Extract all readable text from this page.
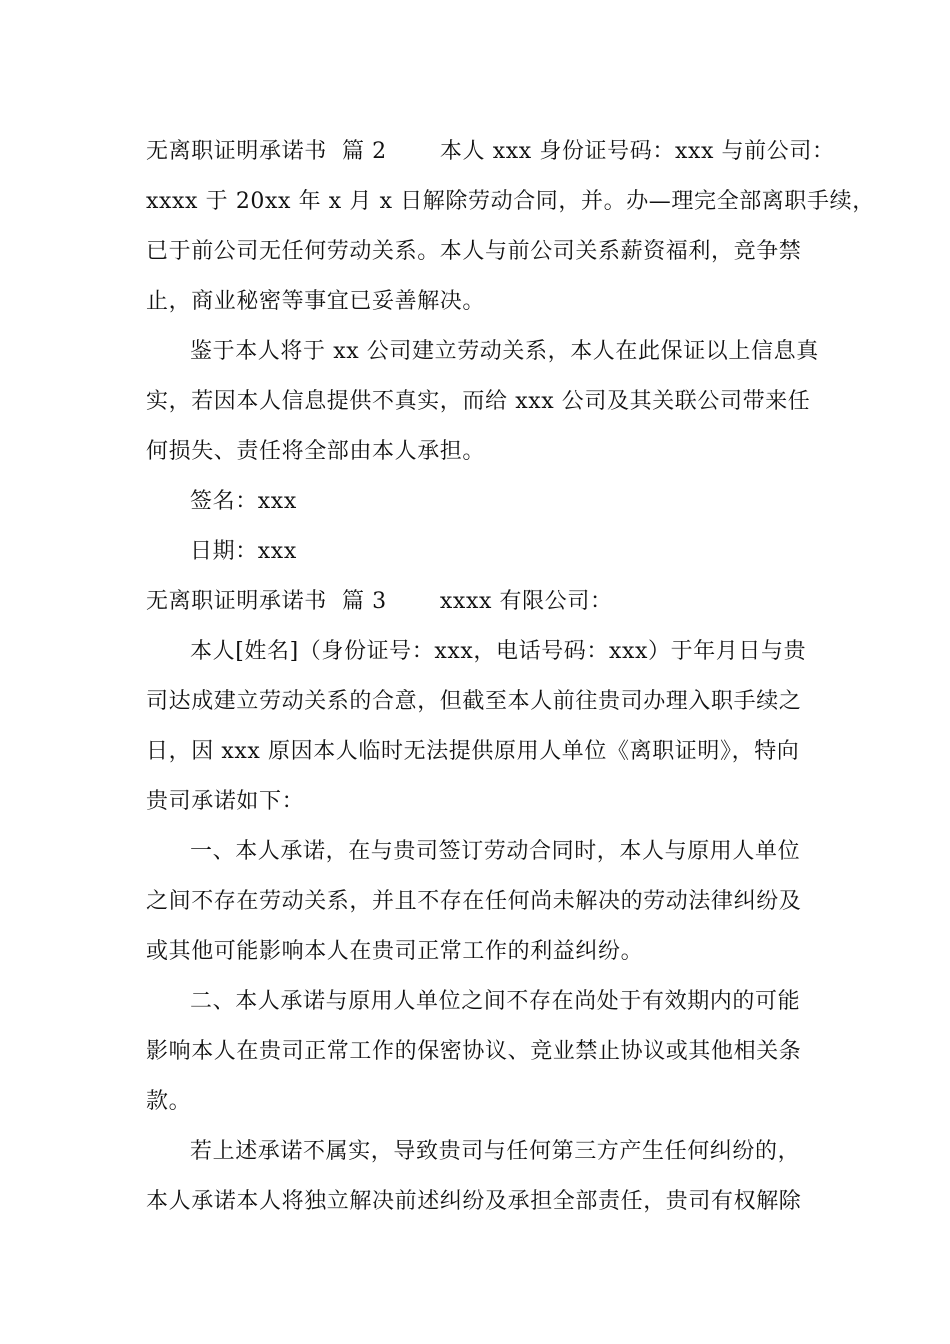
无离职证明承诺书  篇 2       本人 xxx 身份证号码：xxx 与前公司：
xxxx 于 20xx 年 x 月 x 日解除劳动合同，并。办—理完全部离职手续，
已于前公司无任何劳动关系。本人与前公司关系薪资福利，竞争禁
止，商业秘密等事宜已妥善解决。
鉴于本人将于 xx 公司建立劳动关系，本人在此保证以上信息真
实，若因本人信息提供不真实，而给 xxx 公司及其关联公司带来任
何损失、责任将全部由本人承担。
签名：xxx
日期：xxx
无离职证明承诺书  篇 3       xxxx 有限公司：
本人[姓名]（身份证号：xxx，电话号码：xxx）于年月日与贵
司达成建立劳动关系的合意，但截至本人前往贵司办理入职手续之
日，因 xxx 原因本人临时无法提供原用人单位《离职证明》，特向
贵司承诺如下：
一、本人承诺，在与贵司签订劳动合同时，本人与原用人单位
之间不存在劳动关系，并且不存在任何尚未解决的劳动法律纠纷及
或其他可能影响本人在贵司正常工作的利益纠纷。
二、本人承诺与原用人单位之间不存在尚处于有效期内的可能
影响本人在贵司正常工作的保密协议、竞业禁止协议或其他相关条
款。
若上述承诺不属实，导致贵司与任何第三方产生任何纠纷的，
本人承诺本人将独立解决前述纠纷及承担全部责任，贵司有权解除
